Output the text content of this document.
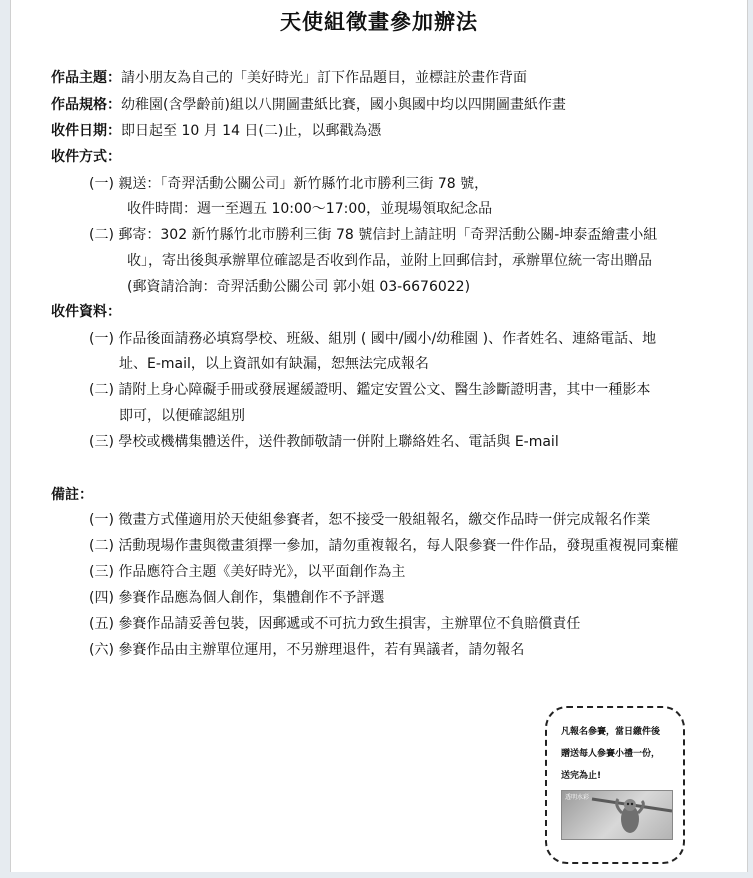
天使組徵畫參加辦法
作品主題：請小朋友為自己的「美好時光」訂下作品題目，並標註於畫作背面
作品規格：幼稚園(含學齡前)組以八開圖畫紙比賽，國小與國中均以四開圖畫紙作畫
收件日期：即日起至 10 月 14 日(二)止，以郵戳為憑
收件方式：
(一) 親送：「奇羿活動公關公司」新竹縣竹北市勝利三街 78 號，
收件時間：週一至週五 10:00～17:00，並現場領取紀念品
(二) 郵寄：302 新竹縣竹北市勝利三街 78 號信封上請註明「奇羿活動公關-坤泰盃繪畫小組
收」，寄出後與承辦單位確認是否收到作品，並附上回郵信封，承辦單位統一寄出贈品
(郵資請洽詢：奇羿活動公關公司 郭小姐 03-6676022)
收件資料：
(一) 作品後面請務必填寫學校、班級、組別 ( 國中/國小/幼稚園 )、作者姓名、連絡電話、地
址、E-mail，以上資訊如有缺漏，恕無法完成報名
(二) 請附上身心障礙手冊或發展遲緩證明、鑑定安置公文、醫生診斷證明書，其中一種影本
即可，以便確認組別
(三) 學校或機構集體送件，送件教師敬請一併附上聯絡姓名、電話與 E-mail
備註：
(一) 徵畫方式僅適用於天使組參賽者，恕不接受一般組報名，繳交作品時一併完成報名作業
(二) 活動現場作畫與徵畫須擇一參加，請勿重複報名，每人限參賽一件作品，發現重複視同棄權
(三) 作品應符合主題《美好時光》，以平面創作為主
(四) 參賽作品應為個人創作，集體創作不予評選
(五) 參賽作品請妥善包裝，因郵遞或不可抗力致生損害，主辦單位不負賠償責任
(六) 參賽作品由主辦單位運用，不另辦理退件，若有異議者，請勿報名
凡報名參賽，當日繳件後
贈送每人參賽小禮一份，
送完為止!
透明水彩
